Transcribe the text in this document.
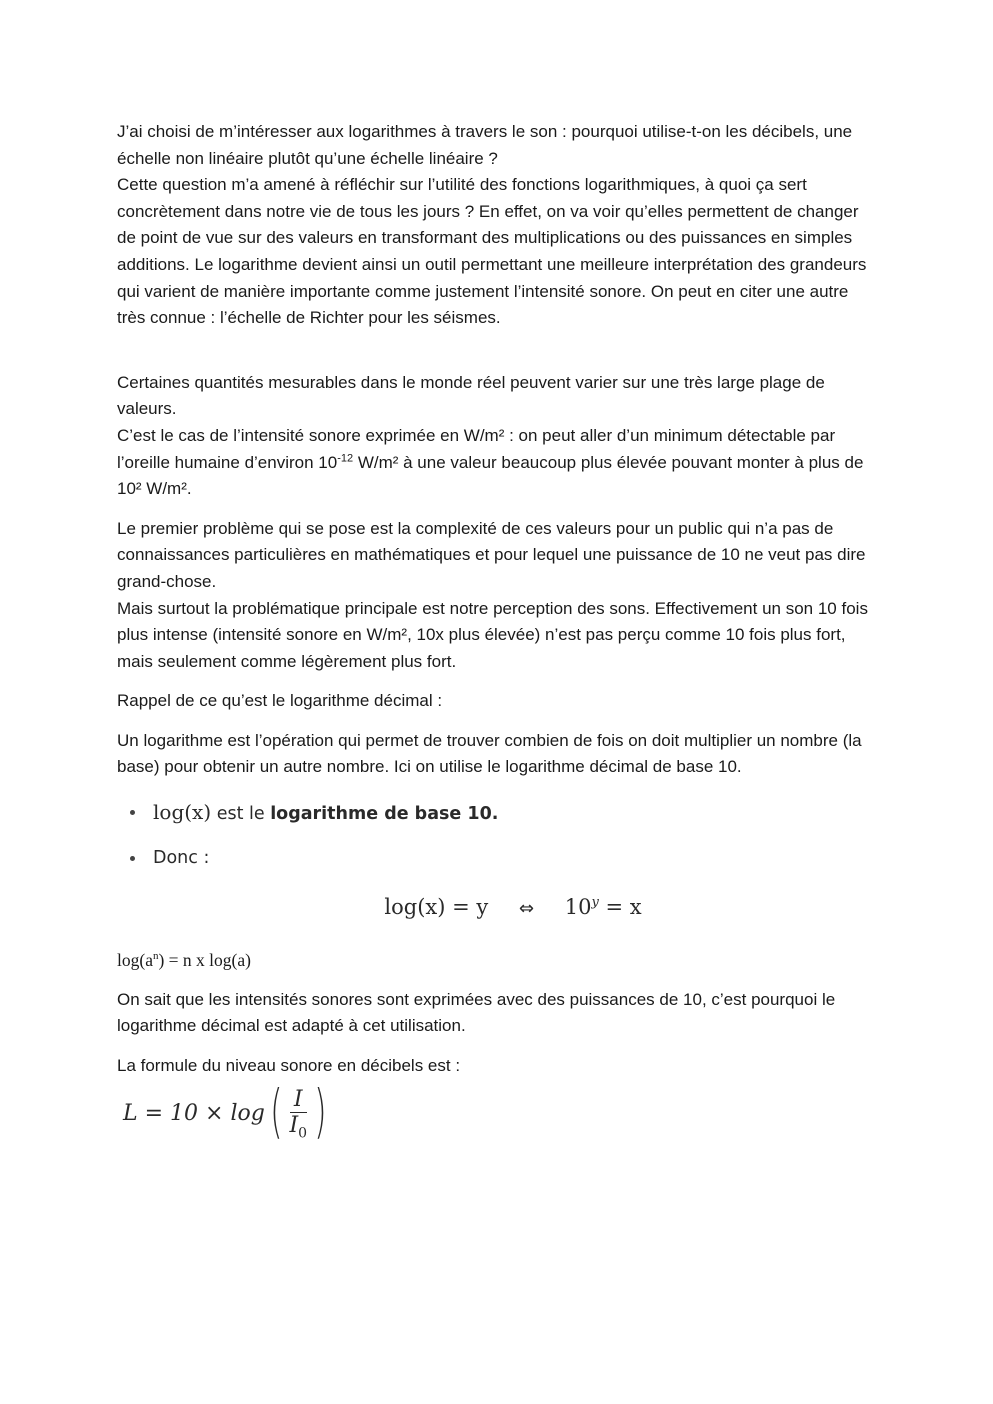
J’ai choisi de m’intéresser aux logarithmes à travers le son : pourquoi utilise-t-on les décibels, une échelle non linéaire plutôt qu’une échelle linéaire ?

Cette question m’a amené à réfléchir sur l’utilité des fonctions logarithmiques, à quoi ça sert concrètement dans notre vie de tous les jours ? En effet, on va voir qu’elles permettent de changer de point de vue sur des valeurs en transformant des multiplications ou des puissances en simples additions. Le logarithme devient ainsi un outil permettant une meilleure interprétation des grandeurs qui varient de manière importante comme justement l’intensité sonore. On peut en citer une autre très connue : l’échelle de Richter pour les séismes.

Certaines quantités mesurables dans le monde réel peuvent varier sur une très large plage de valeurs.

C’est le cas de l’intensité sonore exprimée en W/m² : on peut aller d’un minimum détectable par l’oreille humaine d’environ $10^{-12}$ W/m² à une valeur beaucoup plus élevée pouvant monter à plus de 10² W/m².

Le premier problème qui se pose est la complexité de ces valeurs pour un public qui n’a pas de connaissances particulières en mathématiques et pour lequel une puissance de 10 ne veut pas dire grand-chose.

Mais surtout la problématique principale est notre perception des sons. Effectivement un son 10 fois plus intense (intensité sonore en W/m², 10x plus élevée) n’est pas perçu comme 10 fois plus fort, mais seulement comme légèrement plus fort.

Rappel de ce qu’est le logarithme décimal :

Un logarithme est l’opération qui permet de trouver combien de fois on doit multiplier un nombre (la base) pour obtenir un autre nombre. Ici on utilise le logarithme décimal de base 10.

log(x) est le logarithme de base 10.
Donc :
log(x) = y ⇔ $10^y = x$

$\log(a^n) = n$ x log(a)

On sait que les intensités sonores sont exprimées avec des puissances de 10, c’est pourquoi le logarithme décimal est adapté à cet utilisation.

La formule du niveau sonore en décibels est :

L = 10 × log ( $\frac{I}{I_0}$ )
